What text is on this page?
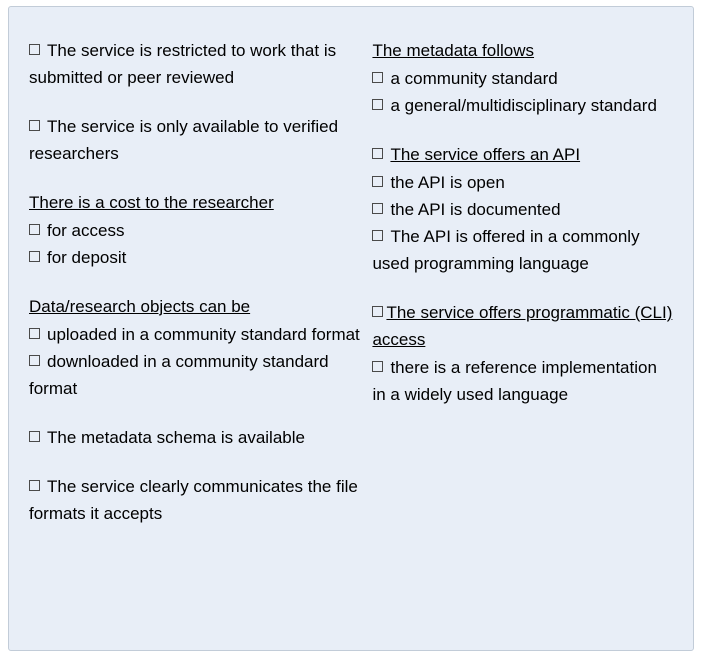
The service is restricted to work that is submitted or peer reviewed
The service is only available to verified researchers
There is a cost to the researcher
for access
for deposit
Data/research objects can be
uploaded in a community standard format
downloaded in a community standard format
The metadata schema is available
The service clearly communicates the file formats it accepts
The metadata follows
a community standard
a general/multidisciplinary standard
The service offers an API
the API is open
the API is documented
The API is offered in a commonly used programming language
The service offers programmatic (CLI) access
there is a reference implementation in a widely used language
